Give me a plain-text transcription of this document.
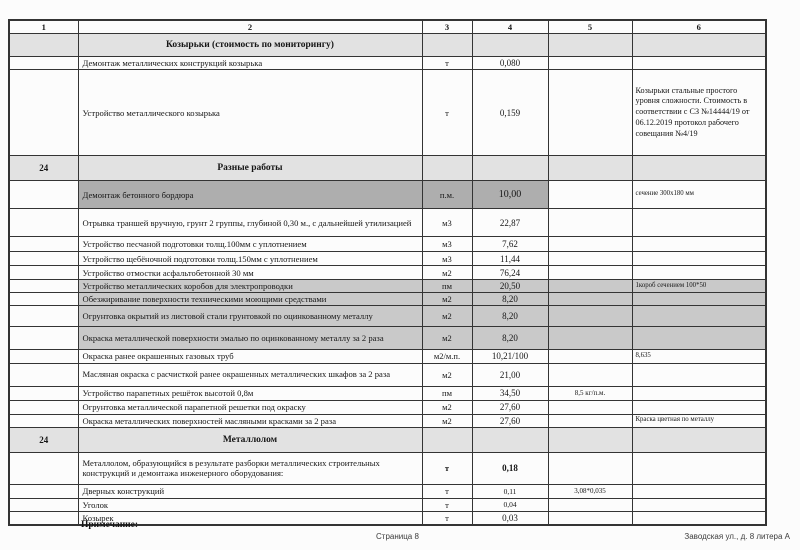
1	2	3	4	5	6
	Козырьки (стоимость по мониторингу)				
	Демонтаж металлических конструкций козырька	т	0,080		
	Устройство металлического козырька	т	0,159		Козырьки стальные простого уровня сложности. Стоимость в соответствии с СЗ №14444/19 от 06.12.2019 протокол рабочего совещания №4/19
24	Разные работы				
	Демонтаж бетонного бордюра	п.м.	10,00		сечение 300x180 мм
	Отрывка траншей вручную, грунт 2 группы, глубиной 0,30 м., с дальнейшей утилизацией	м3	22,87		
	Устройство песчаной подготовки толщ.100мм с уплотнением	м3	7,62		
	Устройство щебёночной подготовки толщ.150мм с уплотнением	м3	11,44		
	Устройство отмостки асфальтобетонной 30 мм	м2	76,24		
	Устройство металлических коробов для электропроводки	пм	20,50		1короб сечением 100*50
	Обезжиривание поверхности техническими моющими средствами	м2	8,20		
	Огрунтовка окрытий из листовой стали грунтовкой по оцинкованному металлу	м2	8,20		
	Окраска металлической поверхности эмалью по оцинкованному металлу за 2 раза	м2	8,20		
	Окраска ранее окрашенных газовых труб	м2/м.п.	10,21/100		8,635
	Масляная окраска с расчисткой ранее окрашенных металлических шкафов за 2 раза	м2	21,00		
	Устройство парапетных решёток высотой 0,8м	пм	34,50	8,5 кг/п.м.	
	Огрунтовка металлической парапетной решетки под окраску	м2	27,60		
	Окраска металлических поверхностей масляными красками за 2 раза	м2	27,60		Краска цветная по металлу
24	Металлолом				
	Металлолом, образующийся в результате разборки металлических строительных конструкций и демонтажа инженерного оборудования:	т	0,18		
	Дверных конструкций	т	0,11	3,08*0,035	
	Уголок	т	0,04		
	Козырек	т	0,03		
Примечание:
Страница 8	Заводская ул., д. 8 литера А
